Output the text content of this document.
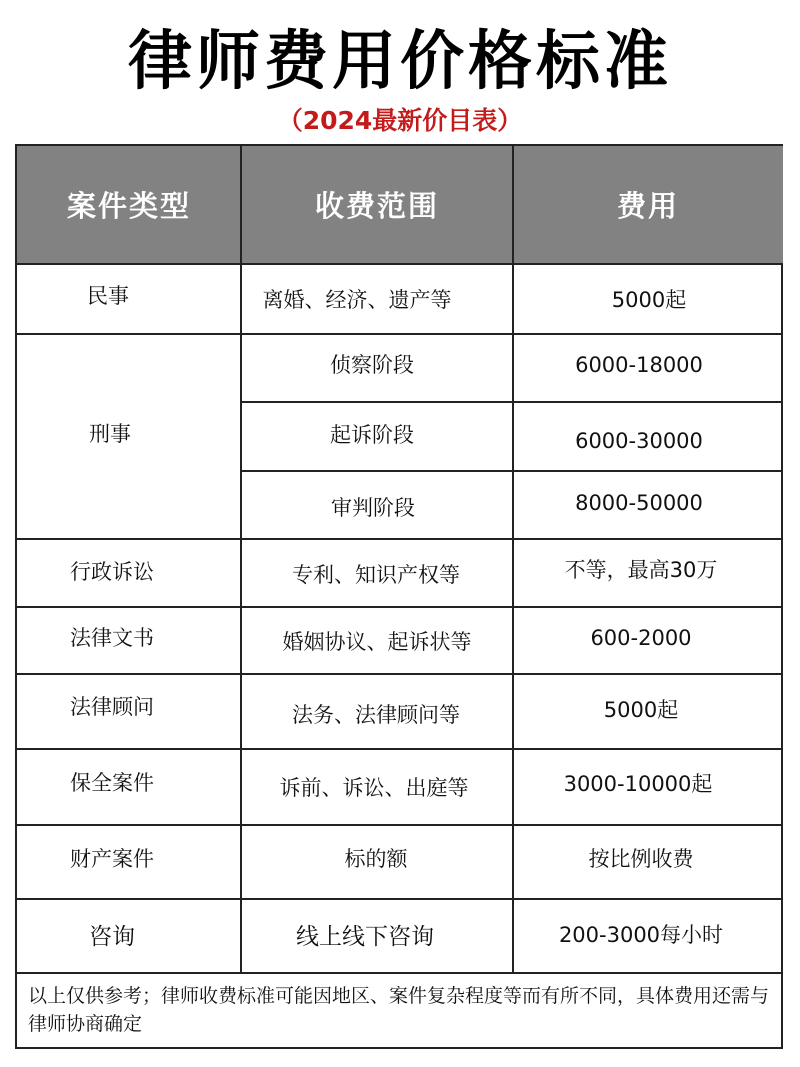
律师费用价格标准
（2024最新价目表）
案件类型	收费范围	费用
民事	离婚、经济、遗产等	5000起
刑事
侦察阶段	6000-18000
起诉阶段	6000-30000
审判阶段	8000-50000
行政诉讼	专利、知识产权等	不等，最高30万
法律文书	婚姻协议、起诉状等	600-2000
法律顾问	法务、法律顾问等	5000起
保全案件	诉前、诉讼、出庭等	3000-10000起
财产案件	标的额	按比例收费
咨询	线上线下咨询	200-3000每小时
以上仅供参考；律师收费标准可能因地区、案件复杂程度等而有所不同，具体费用还需与律师协商确定
